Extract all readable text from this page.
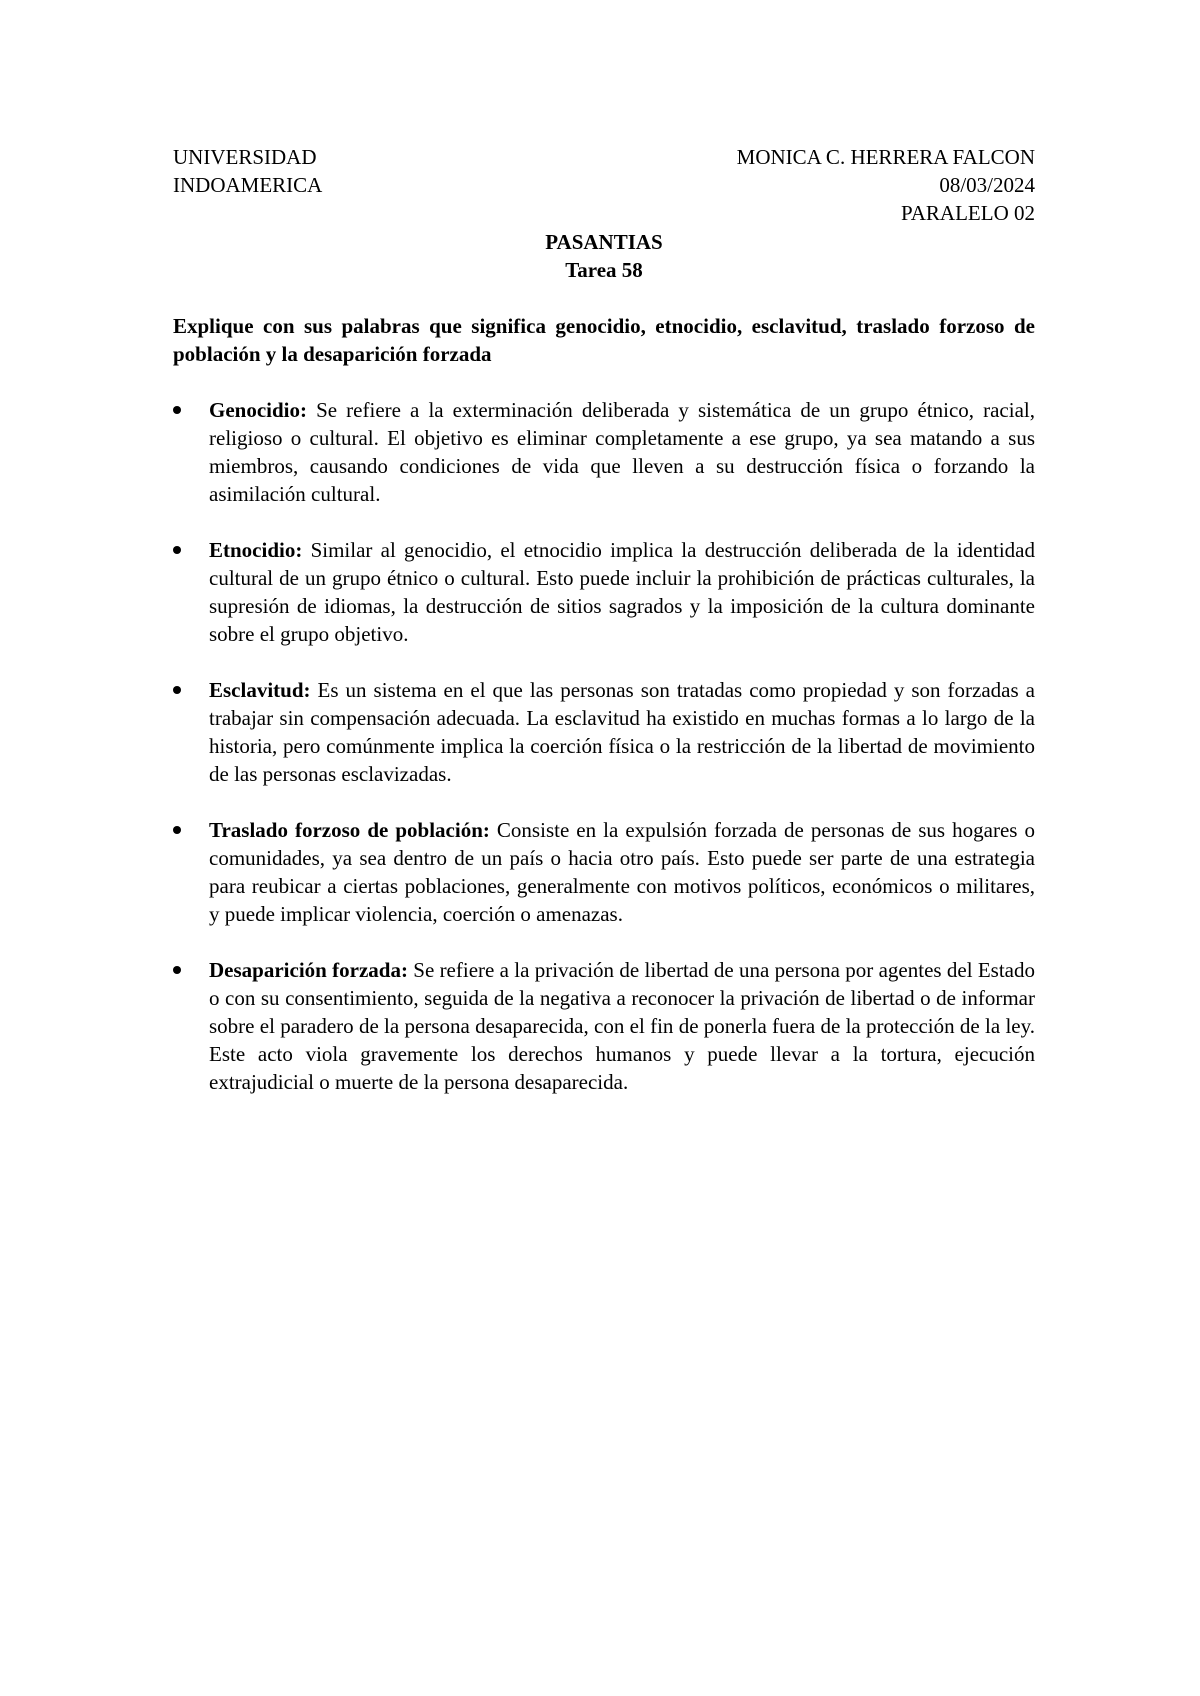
UNIVERSIDAD
INDOAMERICA
MONICA C. HERRERA FALCON
08/03/2024
PARALELO 02
PASANTIAS
Tarea 58
Explique con sus palabras que significa genocidio, etnocidio, esclavitud, traslado forzoso de población y la desaparición forzada
Genocidio: Se refiere a la exterminación deliberada y sistemática de un grupo étnico, racial, religioso o cultural. El objetivo es eliminar completamente a ese grupo, ya sea matando a sus miembros, causando condiciones de vida que lleven a su destrucción física o forzando la asimilación cultural.
Etnocidio: Similar al genocidio, el etnocidio implica la destrucción deliberada de la identidad cultural de un grupo étnico o cultural. Esto puede incluir la prohibición de prácticas culturales, la supresión de idiomas, la destrucción de sitios sagrados y la imposición de la cultura dominante sobre el grupo objetivo.
Esclavitud: Es un sistema en el que las personas son tratadas como propiedad y son forzadas a trabajar sin compensación adecuada. La esclavitud ha existido en muchas formas a lo largo de la historia, pero comúnmente implica la coerción física o la restricción de la libertad de movimiento de las personas esclavizadas.
Traslado forzoso de población: Consiste en la expulsión forzada de personas de sus hogares o comunidades, ya sea dentro de un país o hacia otro país. Esto puede ser parte de una estrategia para reubicar a ciertas poblaciones, generalmente con motivos políticos, económicos o militares, y puede implicar violencia, coerción o amenazas.
Desaparición forzada: Se refiere a la privación de libertad de una persona por agentes del Estado o con su consentimiento, seguida de la negativa a reconocer la privación de libertad o de informar sobre el paradero de la persona desaparecida, con el fin de ponerla fuera de la protección de la ley. Este acto viola gravemente los derechos humanos y puede llevar a la tortura, ejecución extrajudicial o muerte de la persona desaparecida.
